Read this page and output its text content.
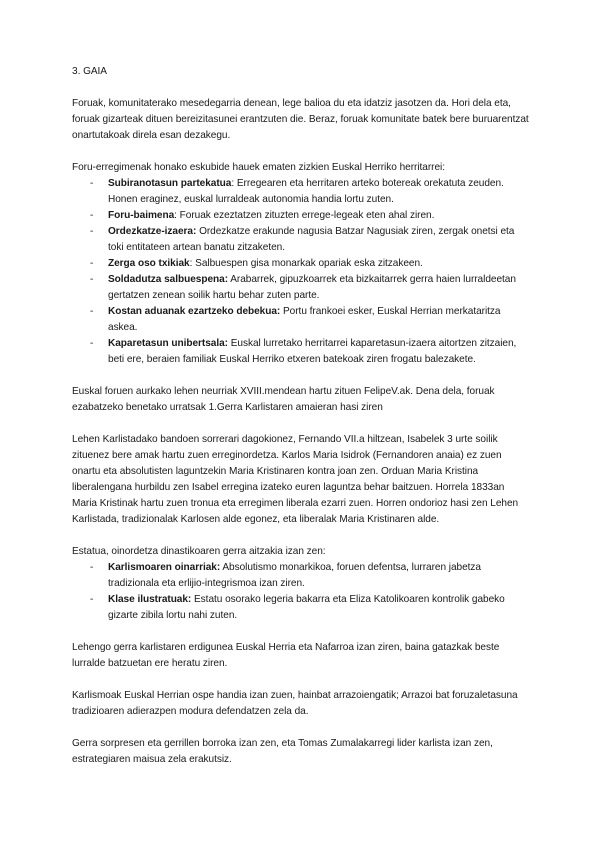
3. GAIA

Foruak, komunitaterako mesedegarria denean, lege balioa du eta idatziz jasotzen da. Hori dela eta, foruak gizarteak dituen bereizitasunei erantzuten die. Beraz, foruak komunitate batek bere buruarentzat onartutakoak direla esan dezakegu.

Foru-erregimenak honako eskubide hauek ematen zizkien Euskal Herriko herritarrei:

- Subiranotasun partekatua: Erregearen eta herritaren arteko botereak orekatuta zeuden. Honen eraginez, euskal lurraldeak autonomia handia lortu zuten.
- Foru-baimena: Foruak ezeztatzen zituzten errege-legeak eten ahal ziren.
- Ordezkatze-izaera: Ordezkatze erakunde nagusia Batzar Nagusiak ziren, zergak onetsi eta toki entitateen artean banatu zitzaketen.
- Zerga oso txikiak: Salbuespen gisa monarkak opariak eska zitzakeen.
- Soldadutza salbuespena: Arabarrek, gipuzkoarrek eta bizkaitarrek gerra haien lurraldeetan gertatzen zenean soilik hartu behar zuten parte.
- Kostan aduanak ezartzeko debekua: Portu frankoei esker, Euskal Herrian merkataritza askea.
- Kaparetasun unibertsala: Euskal lurretako herritarrei kaparetasun-izaera aitortzen zitzaien, beti ere, beraien familiak Euskal Herriko etxeren batekoak ziren frogatu balezakete.

Euskal foruen aurkako lehen neurriak XVIII.mendean hartu zituen FelipeV.ak. Dena dela, foruak ezabatzeko benetako urratsak 1.Gerra Karlistaren amaieran hasi ziren

Lehen Karlistadako bandoen sorrerari dagokionez, Fernando VII.a hiltzean, Isabelek 3 urte soilik zituenez bere amak hartu zuen erreginordetza. Karlos Maria Isidrok (Fernandoren anaia) ez zuen onartu eta absolutisten laguntzekin Maria Kristinaren kontra joan zen. Orduan Maria Kristina liberalengana hurbildu zen Isabel erregina izateko euren laguntza behar baitzuen. Horrela 1833an Maria Kristinak hartu zuen tronua eta erregimen liberala ezarri zuen. Horren ondorioz hasi zen Lehen Karlistada, tradizionalak Karlosen alde egonez, eta liberalak Maria Kristinaren alde.

Estatua, oinordetza dinastikoaren gerra aitzakia izan zen:

- Karlismoaren oinarriak: Absolutismo monarkikoa, foruen defentsa, lurraren jabetza tradizionala eta erlijio-integrismoa izan ziren.
- Klase ilustratuak: Estatu osorako legeria bakarra eta Eliza Katolikoaren kontrolik gabeko gizarte zibila lortu nahi zuten.

Lehengo gerra karlistaren erdigunea Euskal Herria eta Nafarroa izan ziren, baina gatazkak beste lurralde batzuetan ere heratu ziren.

Karlismoak Euskal Herrian ospe handia izan zuen, hainbat arrazoiengatik; Arrazoi bat foruzaletasuna tradizioaren adierazpen modura defendatzen zela da.

Gerra sorpresen eta gerrillen borroka izan zen, eta Tomas Zumalakarregi lider karlista izan zen, estrategiaren maisua zela erakutsiz.
